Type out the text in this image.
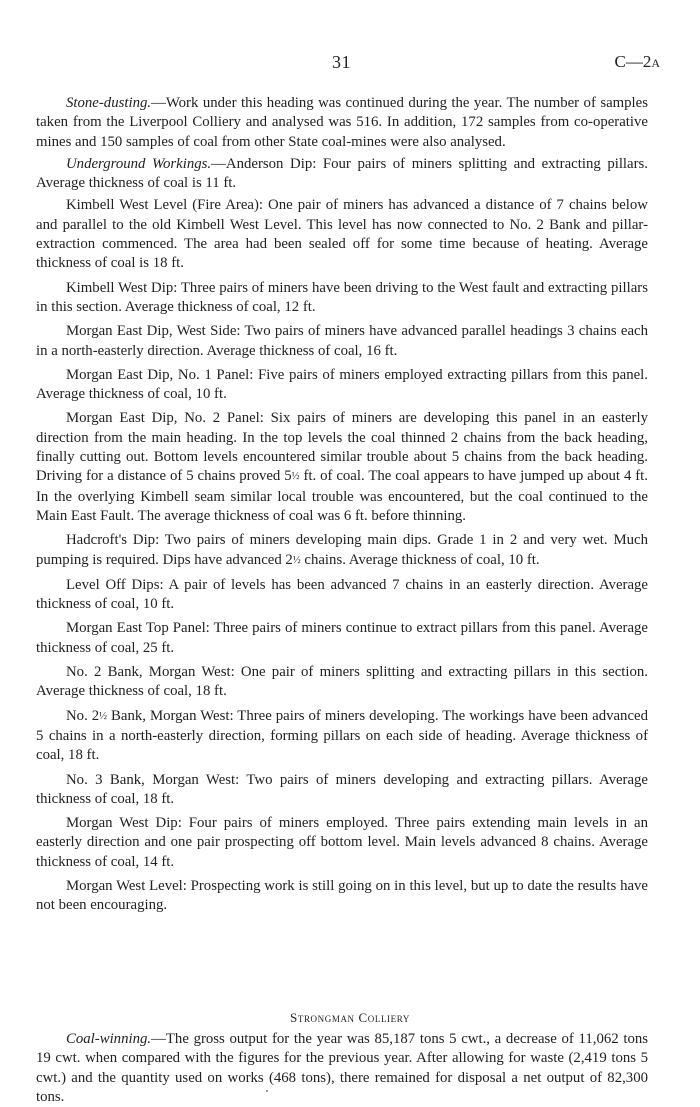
31	C—2A

Stone-dusting.—Work under this heading was continued during the year. The number of samples taken from the Liverpool Colliery and analysed was 516. In addition, 172 samples from co-operative mines and 150 samples of coal from other State coal-mines were also analysed.

Underground Workings.—Anderson Dip: Four pairs of miners splitting and extracting pillars. Average thickness of coal is 11 ft.

Kimbell West Level (Fire Area): One pair of miners has advanced a distance of 7 chains below and parallel to the old Kimbell West Level. This level has now connected to No. 2 Bank and pillar-extraction commenced. The area had been sealed off for some time because of heating. Average thickness of coal is 18 ft.

Kimbell West Dip: Three pairs of miners have been driving to the West fault and extracting pillars in this section. Average thickness of coal, 12 ft.

Morgan East Dip, West Side: Two pairs of miners have advanced parallel headings 3 chains each in a north-easterly direction. Average thickness of coal, 16 ft.

Morgan East Dip, No. 1 Panel: Five pairs of miners employed extracting pillars from this panel. Average thickness of coal, 10 ft.

Morgan East Dip, No. 2 Panel: Six pairs of miners are developing this panel in an easterly direction from the main heading. In the top levels the coal thinned 2 chains from the back heading, finally cutting out. Bottom levels encountered similar trouble about 5 chains from the back heading. Driving for a distance of 5 chains proved 5½ ft. of coal. The coal appears to have jumped up about 4 ft. In the overlying Kimbell seam similar local trouble was encountered, but the coal continued to the Main East Fault. The average thickness of coal was 6 ft. before thinning.

Hadcroft's Dip: Two pairs of miners developing main dips. Grade 1 in 2 and very wet. Much pumping is required. Dips have advanced 2½ chains. Average thickness of coal, 10 ft.

Level Off Dips: A pair of levels has been advanced 7 chains in an easterly direction. Average thickness of coal, 10 ft.

Morgan East Top Panel: Three pairs of miners continue to extract pillars from this panel. Average thickness of coal, 25 ft.

No. 2 Bank, Morgan West: One pair of miners splitting and extracting pillars in this section. Average thickness of coal, 18 ft.

No. 2½ Bank, Morgan West: Three pairs of miners developing. The workings have been advanced 5 chains in a north-easterly direction, forming pillars on each side of heading. Average thickness of coal, 18 ft.

No. 3 Bank, Morgan West: Two pairs of miners developing and extracting pillars. Average thickness of coal, 18 ft.

Morgan West Dip: Four pairs of miners employed. Three pairs extending main levels in an easterly direction and one pair prospecting off bottom level. Main levels advanced 8 chains. Average thickness of coal, 14 ft.

Morgan West Level: Prospecting work is still going on in this level, but up to date the results have not been encouraging.

Strongman Colliery

Coal-winning.—The gross output for the year was 85,187 tons 5 cwt., a decrease of 11,062 tons 19 cwt. when compared with the figures for the previous year. After allowing for waste (2,419 tons 5 cwt.) and the quantity used on works (468 tons), there remained for disposal a net output of 82,300 tons.
